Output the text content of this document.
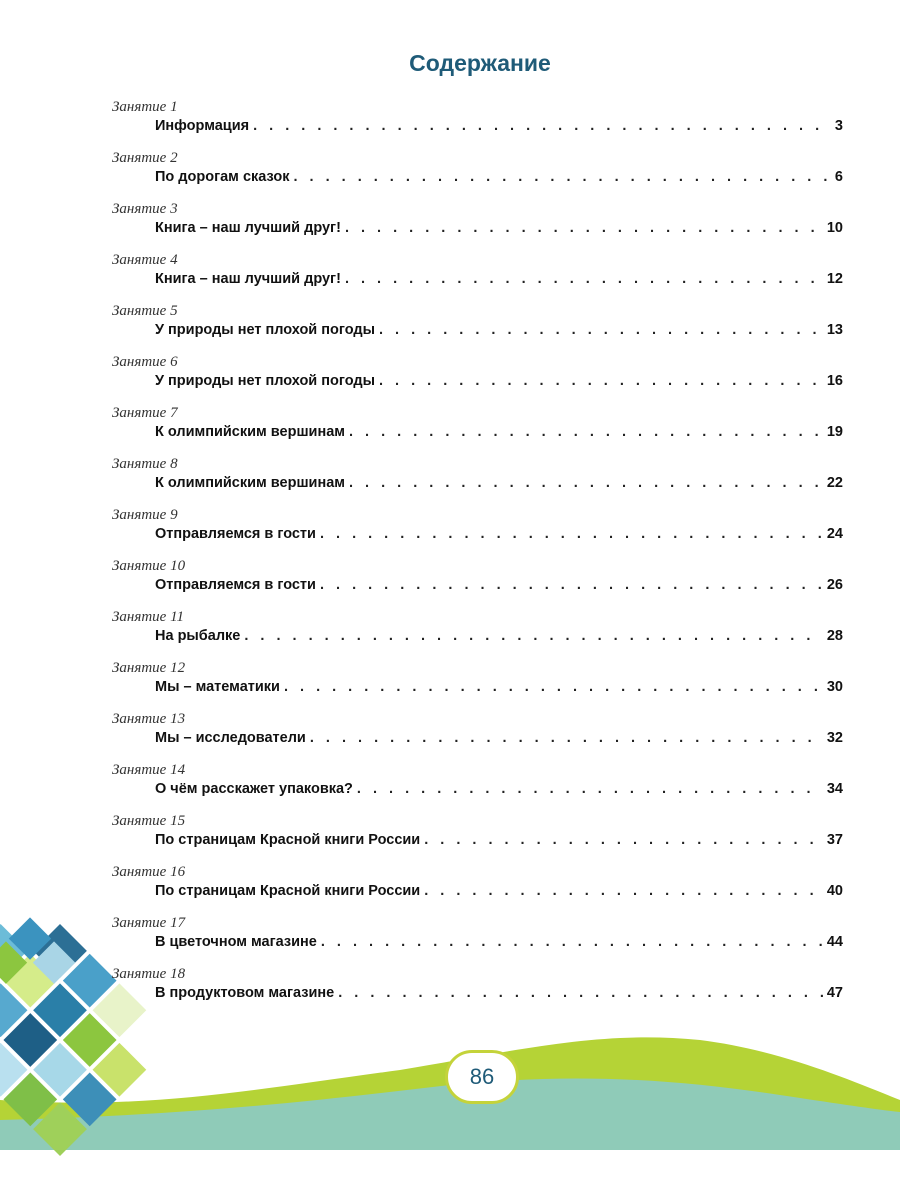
Содержание
Занятие 1
Информация . . .	3
Занятие 2
По дорогам сказок . . .	6
Занятие 3
Книга – наш лучший друг! . . .	10
Занятие 4
Книга – наш лучший друг! . . .	12
Занятие 5
У природы нет плохой погоды . . .	13
Занятие 6
У природы нет плохой погоды . . .	16
Занятие 7
К олимпийским вершинам . . .	19
Занятие 8
К олимпийским вершинам . . .	22
Занятие 9
Отправляемся в гости . . .	24
Занятие 10
Отправляемся в гости . . .	26
Занятие 11
На рыбалке . . .	28
Занятие 12
Мы – математики . . .	30
Занятие 13
Мы – исследователи . . .	32
Занятие 14
О чём расскажет упаковка? . . .	34
Занятие 15
По страницам Красной книги России . . .	37
Занятие 16
По страницам Красной книги России . . .	40
Занятие 17
В цветочном магазине . . .	44
Занятие 18
В продуктовом магазине . . .	47
86
